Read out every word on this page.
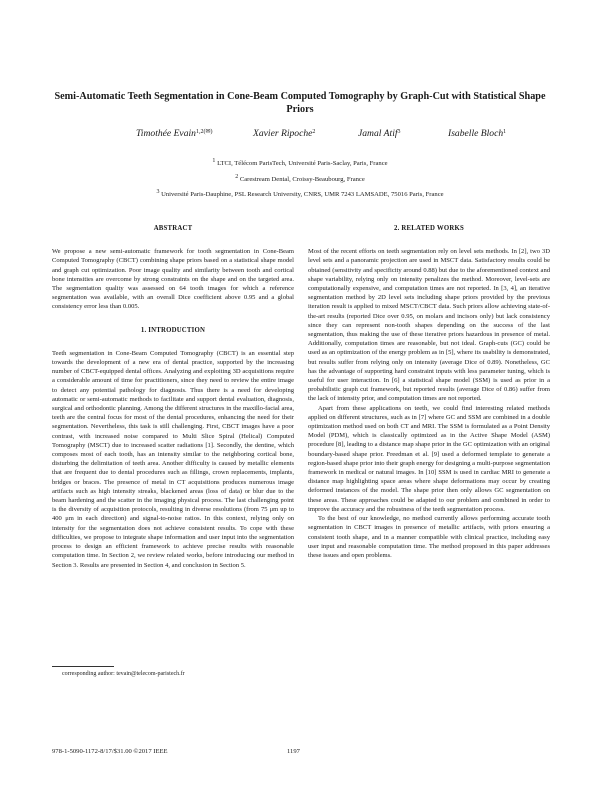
Semi-Automatic Teeth Segmentation in Cone-Beam Computed Tomography by Graph-Cut with Statistical Shape Priors
Timothée Evain$^{1,2(✉)}$	Xavier Ripoche$^2$	Jamal Atif$^3$	Isabelle Bloch$^1$
$^1$ LTCI, Télécom ParisTech, Université Paris-Saclay, Paris, France
$^2$ Carestream Dental, Croissy-Beaubourg, France
$^3$ Université Paris-Dauphine, PSL Research University, CNRS, UMR 7243 LAMSADE, 75016 Paris, France
ABSTRACT

We propose a new semi-automatic framework for tooth segmentation in Cone-Beam Computed Tomography (CBCT) combining shape priors based on a statistical shape model and graph cut optimization. Poor image quality and similarity between tooth and cortical bone intensities are overcome by strong constraints on the shape and on the targeted area. The segmentation quality was assessed on 64 tooth images for which a reference segmentation was available, with an overall Dice coefficient above 0.95 and a global consistency error less than 0.005.

1. INTRODUCTION

Teeth segmentation in Cone-Beam Computed Tomography (CBCT) is an essential step towards the development of a new era of dental practice, supported by the increasing number of CBCT-equipped dental offices. Analyzing and exploiting 3D acquisitions require a considerable amount of time for practitioners, since they need to review the entire image to detect any potential pathology for diagnosis. Thus there is a need for developing automatic or semi-automatic methods to facilitate and support dental evaluation, diagnosis, surgical and orthodontic planning. Among the different structures in the maxillo-facial area, teeth are the central focus for most of the dental procedures, enhancing the need for their segmentation. Nevertheless, this task is still challenging. First, CBCT images have a poor contrast, with increased noise compared to Multi Slice Spiral (Helical) Computed Tomography (MSCT) due to increased scatter radiations [1]. Secondly, the dentine, which composes most of each tooth, has an intensity similar to the neighboring cortical bone, disturbing the delimitation of teeth area. Another difficulty is caused by metallic elements that are frequent due to dental procedures such as fillings, crown replacements, implants, bridges or braces. The presence of metal in CT acquisitions produces numerous image artifacts such as high intensity streaks, blackened areas (loss of data) or blur due to the beam hardening and the scatter in the imaging physical process. The last challenging point is the diversity of acquisition protocols, resulting in diverse resolutions (from 75 μm up to 400 μm in each direction) and signal-to-noise ratios. In this context, relying only on intensity for the segmentation does not achieve consistent results. To cope with these difficulties, we propose to integrate shape information and user input into the segmentation process to design an efficient framework to achieve precise results with reasonable computation time. In Section 2, we review related works, before introducing our method in Section 3. Results are presented in Section 4, and conclusion in Section 5.

2. RELATED WORKS

Most of the recent efforts on teeth segmentation rely on level sets methods. In [2], two 3D level sets and a panoramic projection are used in MSCT data. Satisfactory results could be obtained (sensitivity and specificity around 0.88) but due to the aforementioned context and shape variability, relying only on intensity penalizes the method. Moreover, level-sets are computationally expensive, and computation times are not reported. In [3, 4], an iterative segmentation method by 2D level sets including shape priors provided by the previous iteration result is applied to mixed MSCT/CBCT data. Such priors allow achieving state-of-the-art results (reported Dice over 0.95, on molars and incisors only) but lack consistency since they can represent non-tooth shapes depending on the success of the last segmentation, thus making the use of these iterative priors hazardous in presence of metal. Additionally, computation times are reasonable, but not ideal. Graph-cuts (GC) could be used as an optimization of the energy problem as in [5], where its usability is demonstrated, but results suffer from relying only on intensity (average Dice of 0.89). Nonetheless, GC has the advantage of supporting hard constraint inputs with less parameter tuning, which is useful for user interaction. In [6] a statistical shape model (SSM) is used as prior in a probabilistic graph cut framework, but reported results (average Dice of 0.86) suffer from the lack of intensity prior, and computation times are not reported.

Apart from these applications on teeth, we could find interesting related methods applied on different structures, such as in [7] where GC and SSM are combined in a double optimization method used on both CT and MRI. The SSM is formulated as a Point Density Model (PDM), which is classically optimized as in the Active Shape Model (ASM) procedure [8], leading to a distance map shape prior in the GC optimization with an original boundary-based shape prior. Freedman et al. [9] used a deformed template to generate a region-based shape prior into their graph energy for designing a multi-purpose segmentation framework in medical or natural images. In [10] SSM is used in cardiac MRI to generate a distance map highlighting space areas where shape deformations may occur by creating deformed instances of the model. The shape prior then only allows GC segmentation on these areas. These approaches could be adapted to our problem and combined in order to improve the accuracy and the robustness of the teeth segmentation process.

To the best of our knowledge, no method currently allows performing accurate tooth segmentation in CBCT images in presence of metallic artifacts, with priors ensuring a consistent tooth shape, and in a manner compatible with clinical practice, including easy user input and reasonable computation time. The method proposed in this paper addresses these issues and open problems.

corresponding author: tevain@telecom-paristech.fr
978-1-5090-1172-8/17/$31.00 ©2017 IEEE	1197
